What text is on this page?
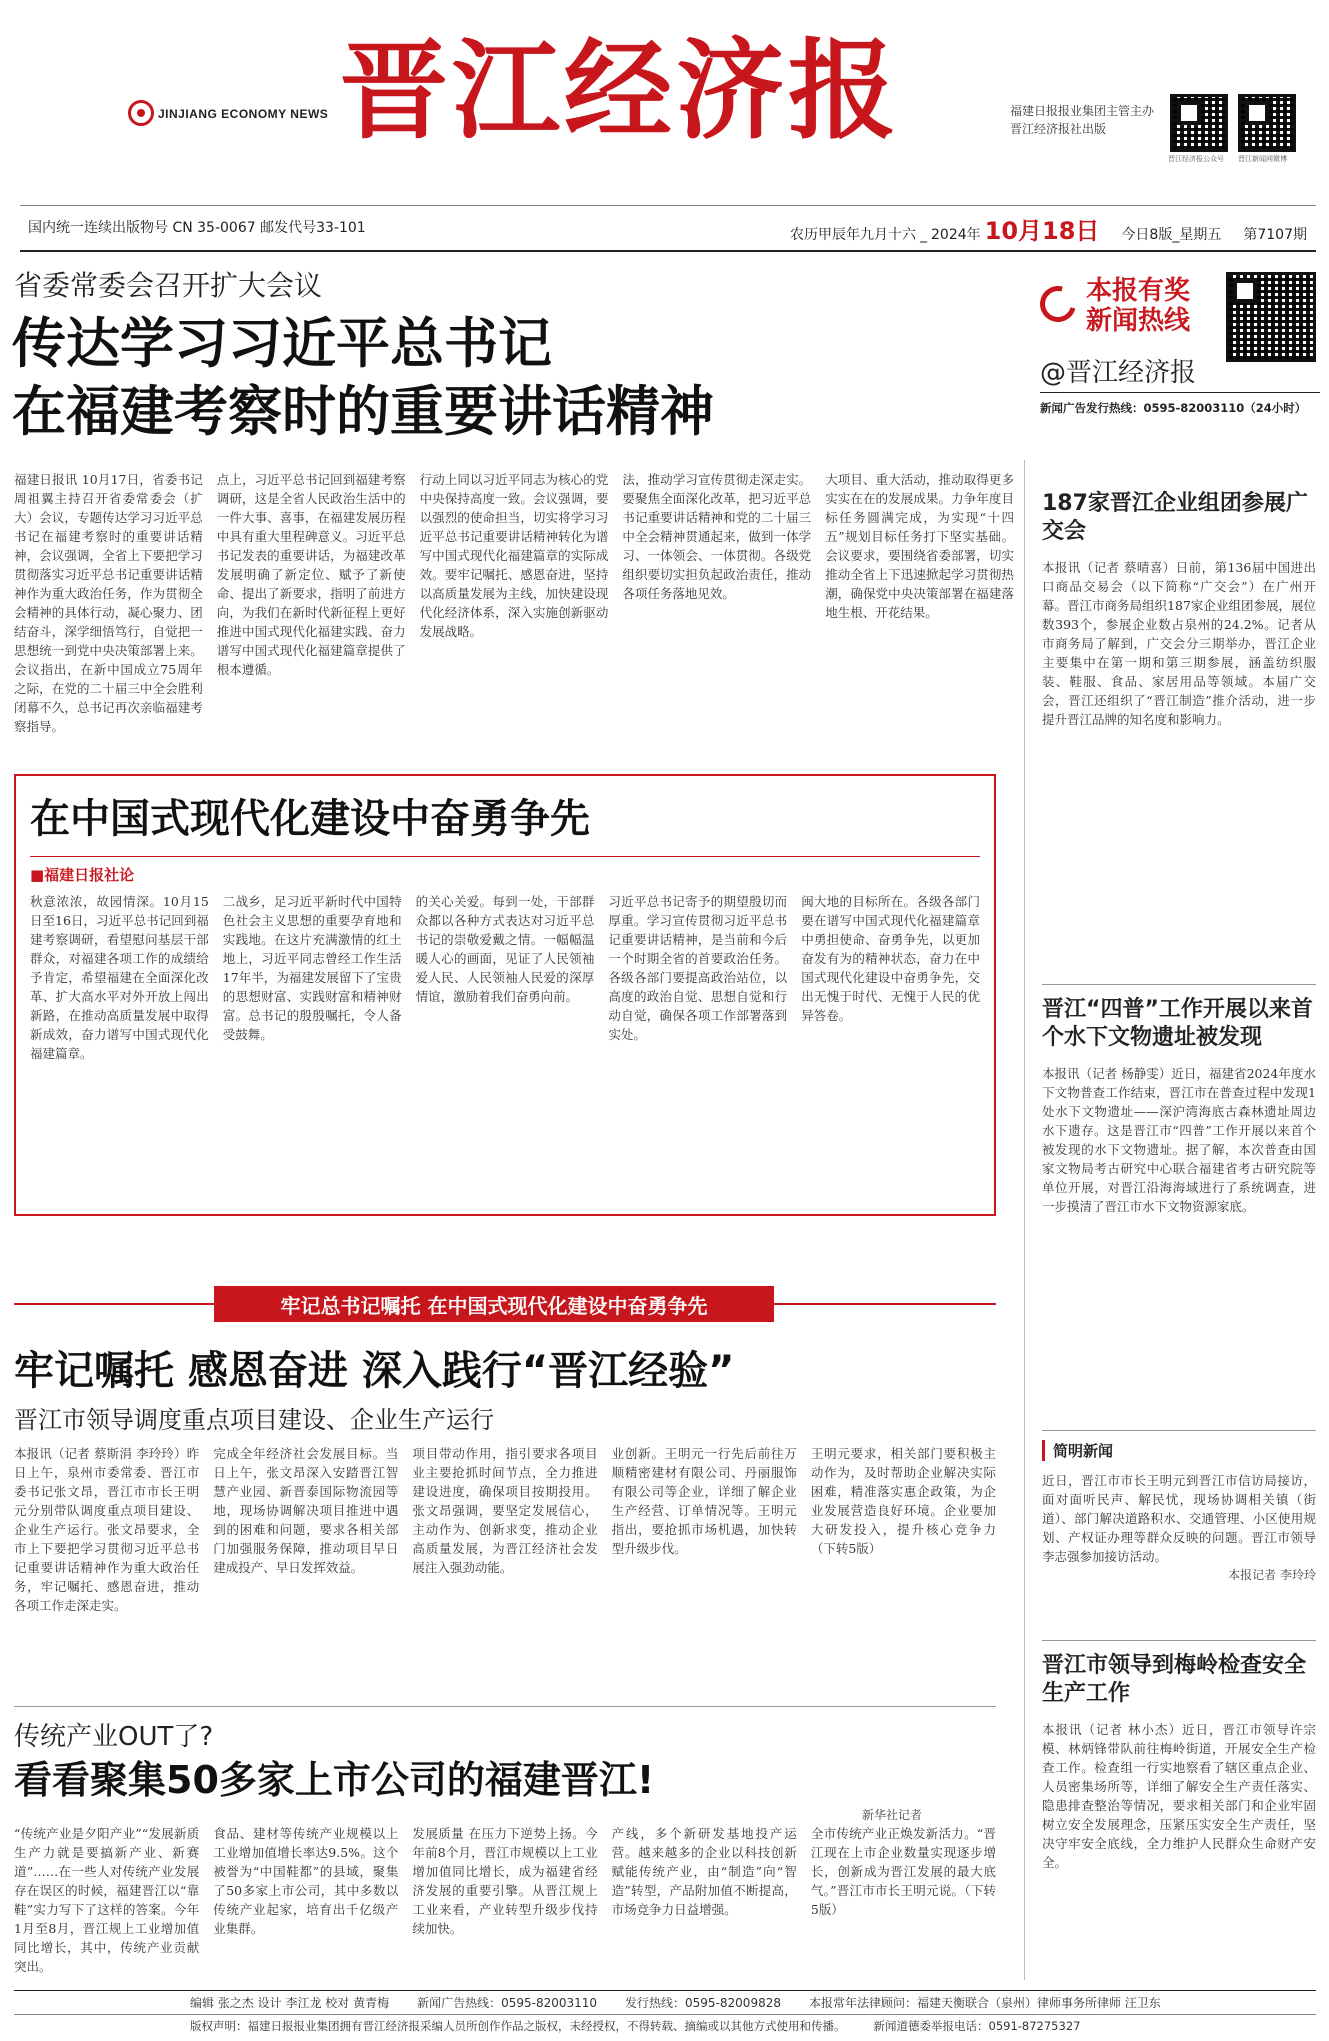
JINJIANG ECONOMY NEWS 晋江经济报	福建日报报业集团主管主办
晋江经济报社出版
晋江经济报公众号 晋江新闻网微博
国内统一连续出版物号 CN 35-0067 邮发代号33-101	农历甲辰年九月十六 _ 2024年 10月18日 今日8版_星期五 第7107期
省委常委会召开扩大会议
传达学习习近平总书记
在福建考察时的重要讲话精神
福建日报讯 10月17日，省委书记周祖翼主持召开省委常委会（扩大）会议，专题传达学习习近平总书记在福建考察时的重要讲话精神，会议强调，全省上下要把学习贯彻落实习近平总书记重要讲话精神作为重大政治任务，作为贯彻全会精神的具体行动，凝心聚力、团结奋斗，深学细悟笃行，自觉把一思想统一到党中央决策部署上来。会议指出，在新中国成立75周年之际，在党的二十届三中全会胜利闭幕不久，总书记再次亲临福建考察指导。
点上，习近平总书记回到福建考察调研，这是全省人民政治生活中的一件大事、喜事，在福建发展历程中具有重大里程碑意义。习近平总书记发表的重要讲话，为福建改革发展明确了新定位、赋予了新使命、提出了新要求，指明了前进方向，为我们在新时代新征程上更好推进中国式现代化福建实践、奋力谱写中国式现代化福建篇章提供了根本遵循。
行动上同以习近平同志为核心的党中央保持高度一致。会议强调，要以强烈的使命担当，切实将学习习近平总书记重要讲话精神转化为谱写中国式现代化福建篇章的实际成效。要牢记嘱托、感恩奋进，坚持以高质量发展为主线，加快建设现代化经济体系，深入实施创新驱动发展战略。
法，推动学习宣传贯彻走深走实。要聚焦全面深化改革，把习近平总书记重要讲话精神和党的二十届三中全会精神贯通起来，做到一体学习、一体领会、一体贯彻。各级党组织要切实担负起政治责任，推动各项任务落地见效。
大项目、重大活动，推动取得更多实实在在的发展成果。力争年度目标任务圆满完成，为实现“十四五”规划目标任务打下坚实基础。会议要求，要围绕省委部署，切实推动全省上下迅速掀起学习贯彻热潮，确保党中央决策部署在福建落地生根、开花结果。
本报有奖
新闻热线
@晋江经济报
新闻广告发行热线：0595-82003110（24小时）
在中国式现代化建设中奋勇争先
■福建日报社论
秋意浓浓，故园情深。10月15日至16日，习近平总书记回到福建考察调研，看望慰问基层干部群众，对福建各项工作的成绩给予肯定，希望福建在全面深化改革、扩大高水平对外开放上闯出新路，在推动高质量发展中取得新成效，奋力谱写中国式现代化福建篇章。
二战乡，足习近平新时代中国特色社会主义思想的重要孕育地和实践地。在这片充满激情的红土地上，习近平同志曾经工作生活17年半，为福建发展留下了宝贵的思想财富、实践财富和精神财富。总书记的殷殷嘱托，令人备受鼓舞。
的关心关爱。每到一处，干部群众都以各种方式表达对习近平总书记的崇敬爱戴之情。一幅幅温暖人心的画面，见证了人民领袖爱人民、人民领袖人民爱的深厚情谊，激励着我们奋勇向前。
习近平总书记寄予的期望殷切而厚重。学习宣传贯彻习近平总书记重要讲话精神，是当前和今后一个时期全省的首要政治任务。各级各部门要提高政治站位，以高度的政治自觉、思想自觉和行动自觉，确保各项工作部署落到实处。
闽大地的目标所在。各级各部门要在谱写中国式现代化福建篇章中勇担使命、奋勇争先，以更加奋发有为的精神状态，奋力在中国式现代化建设中奋勇争先，交出无愧于时代、无愧于人民的优异答卷。
牢记总书记嘱托 在中国式现代化建设中奋勇争先
牢记嘱托 感恩奋进 深入践行“晋江经验”
晋江市领导调度重点项目建设、企业生产运行
本报讯（记者 蔡斯涓 李玲玲）昨日上午，泉州市委常委、晋江市委书记张文昂，晋江市市长王明元分别带队调度重点项目建设、企业生产运行。张文昂要求，全市上下要把学习贯彻习近平总书记重要讲话精神作为重大政治任务，牢记嘱托、感恩奋进，推动各项工作走深走实。
完成全年经济社会发展目标。当日上午，张文昂深入安踏晋江智慧产业园、新晋泰国际物流园等地，现场协调解决项目推进中遇到的困难和问题，要求各相关部门加强服务保障，推动项目早日建成投产、早日发挥效益。
项目带动作用，指引要求各项目业主要抢抓时间节点，全力推进建设进度，确保项目按期投用。张文昂强调，要坚定发展信心，主动作为、创新求变，推动企业高质量发展，为晋江经济社会发展注入强劲动能。
业创新。王明元一行先后前往万顺精密建材有限公司、丹丽服饰有限公司等企业，详细了解企业生产经营、订单情况等。王明元指出，要抢抓市场机遇，加快转型升级步伐。
王明元要求，相关部门要积极主动作为，及时帮助企业解决实际困难，精准落实惠企政策，为企业发展营造良好环境。企业要加大研发投入，提升核心竞争力（下转5版）
传统产业OUT了?
看看聚集50多家上市公司的福建晋江!
新华社记者
“传统产业是夕阳产业”“发展新质生产力就是要搞新产业、新赛道”……在一些人对传统产业发展存在误区的时候，福建晋江以“靠鞋”实力写下了这样的答案。今年1月至8月，晋江规上工业增加值同比增长，其中，传统产业贡献突出。
食品、建材等传统产业规模以上工业增加值增长率达9.5%。这个被誉为“中国鞋都”的县域，聚集了50多家上市公司，其中多数以传统产业起家，培育出千亿级产业集群。
发展质量 在压力下逆势上扬。今年前8个月，晋江市规模以上工业增加值同比增长，成为福建省经济发展的重要引擎。从晋江规上工业来看，产业转型升级步伐持续加快。
产线，多个新研发基地投产运营。越来越多的企业以科技创新赋能传统产业，由“制造”向“智造”转型，产品附加值不断提高，市场竞争力日益增强。
全市传统产业正焕发新活力。“晋江现在上市企业数量实现逐步增长，创新成为晋江发展的最大底气。”晋江市市长王明元说。（下转5版）
187家晋江企业组团参展广交会
本报讯（记者 蔡晴喜）日前，第136届中国进出口商品交易会（以下简称“广交会”）在广州开幕。晋江市商务局组织187家企业组团参展，展位数393个，参展企业数占泉州的24.2%。记者从市商务局了解到，广交会分三期举办，晋江企业主要集中在第一期和第三期参展，涵盖纺织服装、鞋服、食品、家居用品等领域。本届广交会，晋江还组织了“晋江制造”推介活动，进一步提升晋江品牌的知名度和影响力。
晋江“四普”工作开展以来首个水下文物遗址被发现
本报讯（记者 杨静雯）近日，福建省2024年度水下文物普查工作结束，晋江市在普查过程中发现1处水下文物遗址——深沪湾海底古森林遗址周边水下遗存。这是晋江市“四普”工作开展以来首个被发现的水下文物遗址。据了解，本次普查由国家文物局考古研究中心联合福建省考古研究院等单位开展，对晋江沿海海域进行了系统调查，进一步摸清了晋江市水下文物资源家底。
简明新闻
近日，晋江市市长王明元到晋江市信访局接访，面对面听民声、解民忧，现场协调相关镇（街道）、部门解决道路积水、交通管理、小区使用规划、产权证办理等群众反映的问题。晋江市领导李志强参加接访活动。
本报记者 李玲玲
晋江市领导到梅岭检查安全生产工作
本报讯（记者 林小杰）近日，晋江市领导许宗模、林炳锋带队前往梅岭街道，开展安全生产检查工作。检查组一行实地察看了辖区重点企业、人员密集场所等，详细了解安全生产责任落实、隐患排查整治等情况，要求相关部门和企业牢固树立安全发展理念，压紧压实安全生产责任，坚决守牢安全底线，全力维护人民群众生命财产安全。
编辑 张之杰 设计 李江龙 校对 黄青梅 新闻广告热线：0595-82003110 发行热线：0595-82009828 本报常年法律顾问：福建天衡联合（泉州）律师事务所律师 汪卫东
版权声明：福建日报报业集团拥有晋江经济报采编人员所创作作品之版权，未经授权，不得转载、摘编或以其他方式使用和传播。 新闻道德委举报电话：0591-87275327
